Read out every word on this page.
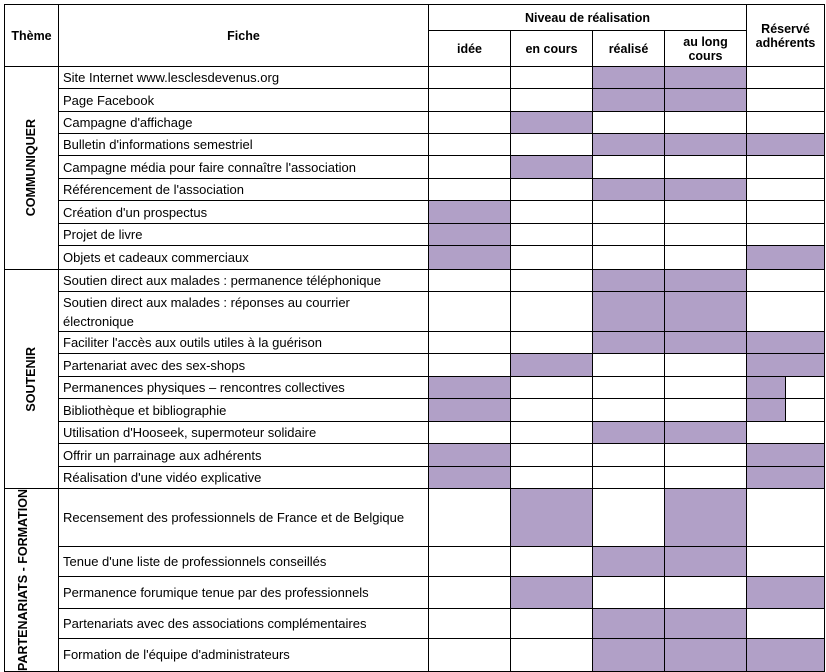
Thème	Fiche	Niveau de réalisation				Réservé adhérents
		idée	en cours	réalisé	au long cours	

COMMUNIQUER	Site Internet www.lesclesdevenus.org					
	Page Facebook					
	Campagne d'affichage					
	Bulletin d'informations semestriel					
	Campagne média pour faire connaître l'association					
	Référencement de l'association					
	Création d'un prospectus					
	Projet de livre					
	Objets et cadeaux commerciaux					

SOUTENIR	Soutien direct aux malades : permanence téléphonique					
	Soutien direct aux malades : réponses au courrier électronique					
	Faciliter l'accès aux outils utiles à la guérison					
	Partenariat avec des sex-shops					
	Permanences physiques – rencontres collectives					

	Bibliothèque et bibliographie					

	Utilisation d'Hooseek, supermoteur solidaire					
	Offrir un parrainage aux adhérents					
	Réalisation d'une vidéo explicative					

PARTENARIATS - FORMATION	Recensement des professionnels de France et de Belgique					
	Tenue d'une liste de professionnels conseillés					
	Permanence forumique tenue par des professionnels					
	Partenariats avec des associations complémentaires					
	Formation de l'équipe d'administrateurs					
